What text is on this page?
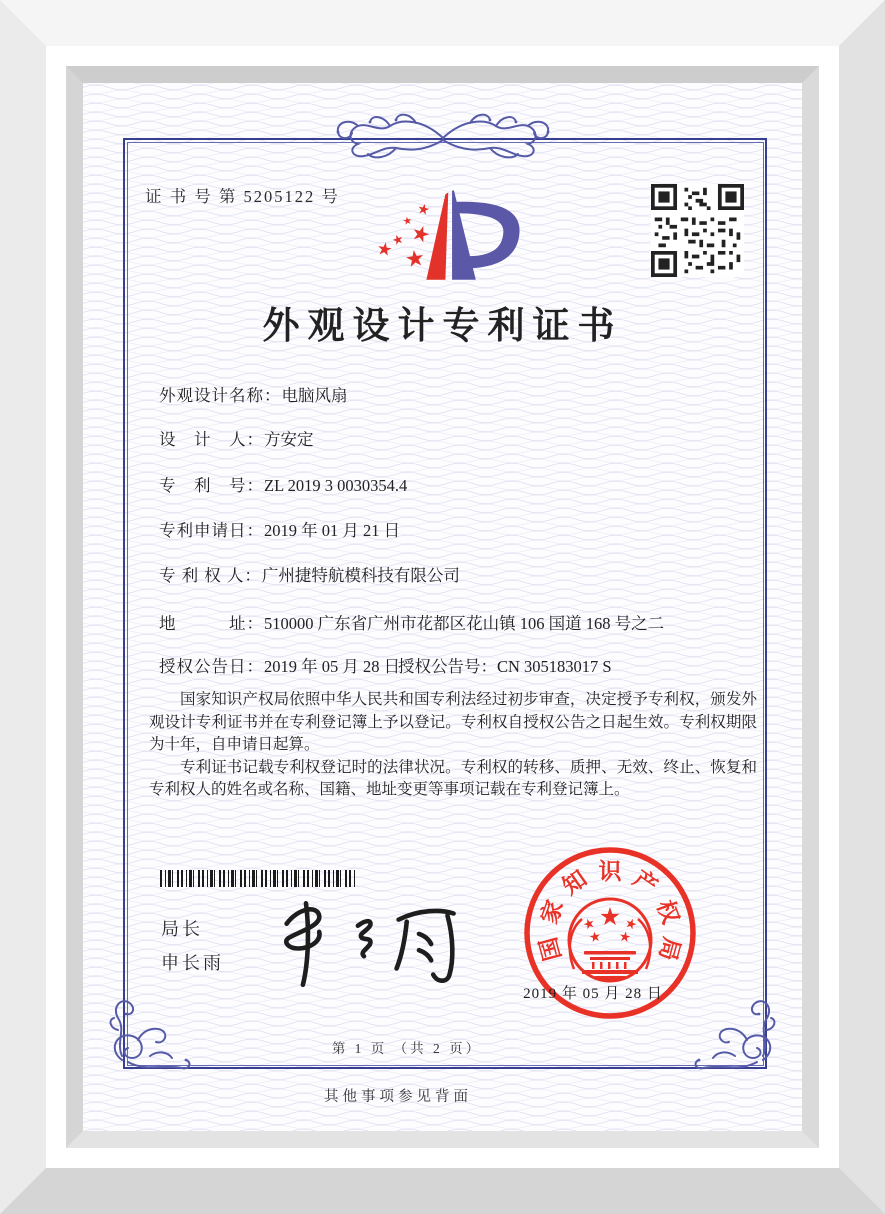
证 书 号 第 5205122 号
外观设计专利证书
外观设计名称：电脑风扇
设　计　人：方安定
专　利　号：ZL 2019 3 0030354.4
专利申请日：2019 年 01 月 21 日
专 利 权 人：广州捷特航模科技有限公司
地　　　址：510000 广东省广州市花都区花山镇 106 国道 168 号之二
授权公告日：2019 年 05 月 28 日
授权公告号：CN 305183017 S

国家知识产权局依照中华人民共和国专利法经过初步审查，决定授予专利权，颁发外观设计专利证书并在专利登记簿上予以登记。专利权自授权公告之日起生效。专利权期限为十年，自申请日起算。

专利证书记载专利权登记时的法律状况。专利权的转移、质押、无效、终止、恢复和专利权人的姓名或名称、国籍、地址变更等事项记载在专利登记簿上。

局长
申长雨	国
家
知 识 产
权
局
2019 年 05 月 28 日
第 1 页 （共 2 页）
其他事项参见背面
